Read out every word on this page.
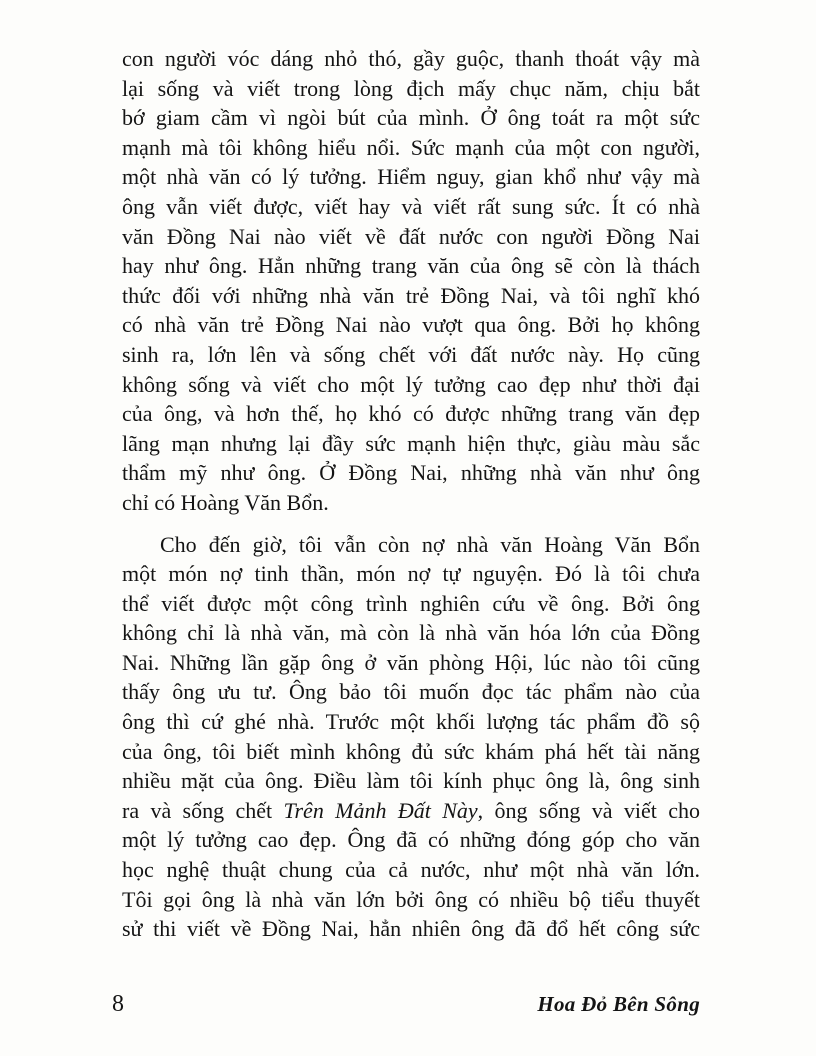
con người vóc dáng nhỏ thó, gầy guộc, thanh thoát vậy mà
lại sống và viết trong lòng địch mấy chục năm, chịu bắt
bớ giam cầm vì ngòi bút của mình. Ở ông toát ra một sức
mạnh mà tôi không hiểu nổi. Sức mạnh của một con người,
một nhà văn có lý tưởng. Hiểm nguy, gian khổ như vậy mà
ông vẫn viết được, viết hay và viết rất sung sức. Ít có nhà
văn Đồng Nai nào viết về đất nước con người Đồng Nai
hay như ông. Hẳn những trang văn của ông sẽ còn là thách
thức đối với những nhà văn trẻ Đồng Nai, và tôi nghĩ khó
có nhà văn trẻ Đồng Nai nào vượt qua ông. Bởi họ không
sinh ra, lớn lên và sống chết với đất nước này. Họ cũng
không sống và viết cho một lý tưởng cao đẹp như thời đại
của ông, và hơn thế, họ khó có được những trang văn đẹp
lãng mạn nhưng lại đầy sức mạnh hiện thực, giàu màu sắc
thẩm mỹ như ông. Ở Đồng Nai, những nhà văn như ông
chỉ có Hoàng Văn Bổn.
Cho đến giờ, tôi vẫn còn nợ nhà văn Hoàng Văn Bổn
một món nợ tinh thần, món nợ tự nguyện. Đó là tôi chưa
thể viết được một công trình nghiên cứu về ông. Bởi ông
không chỉ là nhà văn, mà còn là nhà văn hóa lớn của Đồng
Nai. Những lần gặp ông ở văn phòng Hội, lúc nào tôi cũng
thấy ông ưu tư. Ông bảo tôi muốn đọc tác phẩm nào của
ông thì cứ ghé nhà. Trước một khối lượng tác phẩm đồ sộ
của ông, tôi biết mình không đủ sức khám phá hết tài năng
nhiều mặt của ông. Điều làm tôi kính phục ông là, ông sinh
ra và sống chết Trên Mảnh Đất Này, ông sống và viết cho
một lý tưởng cao đẹp. Ông đã có những đóng góp cho văn
học nghệ thuật chung của cả nước, như một nhà văn lớn.
Tôi gọi ông là nhà văn lớn bởi ông có nhiều bộ tiểu thuyết
sử thi viết về Đồng Nai, hẳn nhiên ông đã đổ hết công sức
8	Hoa Đỏ Bên Sông
